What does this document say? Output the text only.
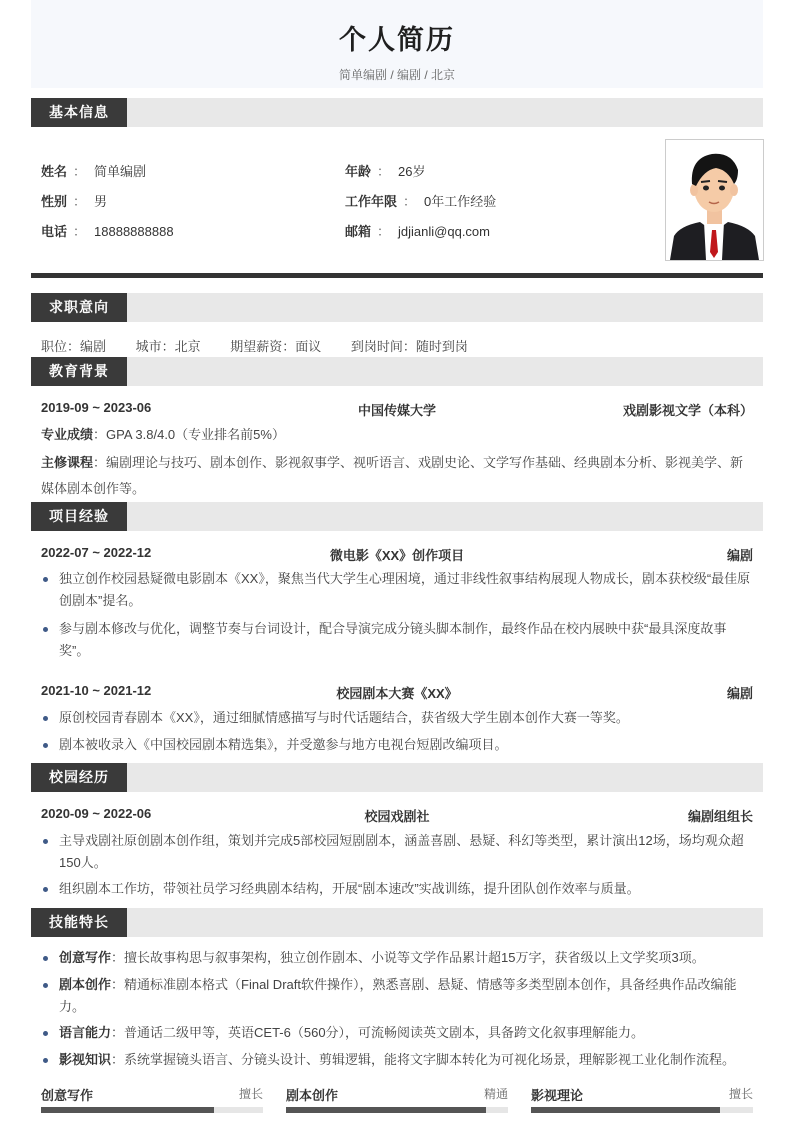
个人简历
简单编剧 / 编剧 / 北京
基本信息
姓名 ： 简单编剧	年龄 ： 26岁
性别 ： 男	工作年限 ： 0年工作经验
电话 ： 18888888888	邮箱 ： jdjianli@qq.com
求职意向
职位：编剧 城市：北京 期望薪资：面议 到岗时间：随时到岗
教育背景
2019-09 ~ 2023-06	中国传媒大学	戏剧影视文学（本科）
专业成绩：GPA 3.8/4.0（专业排名前5%）
主修课程：编剧理论与技巧、剧本创作、影视叙事学、视听语言、戏剧史论、文学写作基础、经典剧本分析、影视美学、新媒体剧本创作等。
项目经验
2022-07 ~ 2022-12	微电影《XX》创作项目	编剧
独立创作校园悬疑微电影剧本《XX》，聚焦当代大学生心理困境，通过非线性叙事结构展现人物成长，剧本获校级“最佳原创剧本”提名。
参与剧本修改与优化，调整节奏与台词设计，配合导演完成分镜头脚本制作，最终作品在校内展映中获“最具深度故事奖”。
2021-10 ~ 2021-12	校园剧本大赛《XX》	编剧
原创校园青春剧本《XX》，通过细腻情感描写与时代话题结合，获省级大学生剧本创作大赛一等奖。
剧本被收录入《中国校园剧本精选集》，并受邀参与地方电视台短剧改编项目。
校园经历
2020-09 ~ 2022-06	校园戏剧社	编剧组组长
主导戏剧社原创剧本创作组，策划并完成5部校园短剧剧本，涵盖喜剧、悬疑、科幻等类型，累计演出12场，场均观众超150人。
组织剧本工作坊，带领社员学习经典剧本结构，开展“剧本速改”实战训练，提升团队创作效率与质量。
技能特长
创意写作：擅长故事构思与叙事架构，独立创作剧本、小说等文学作品累计超15万字，获省级以上文学奖项3项。
剧本创作：精通标准剧本格式（Final Draft软件操作），熟悉喜剧、悬疑、情感等多类型剧本创作，具备经典作品改编能力。
语言能力：普通话二级甲等，英语CET-6（560分），可流畅阅读英文剧本，具备跨文化叙事理解能力。
影视知识：系统掌握镜头语言、分镜头设计、剪辑逻辑，能将文字脚本转化为可视化场景，理解影视工业化制作流程。
创意写作	擅长 剧本创作	精通 影视理论	擅长
